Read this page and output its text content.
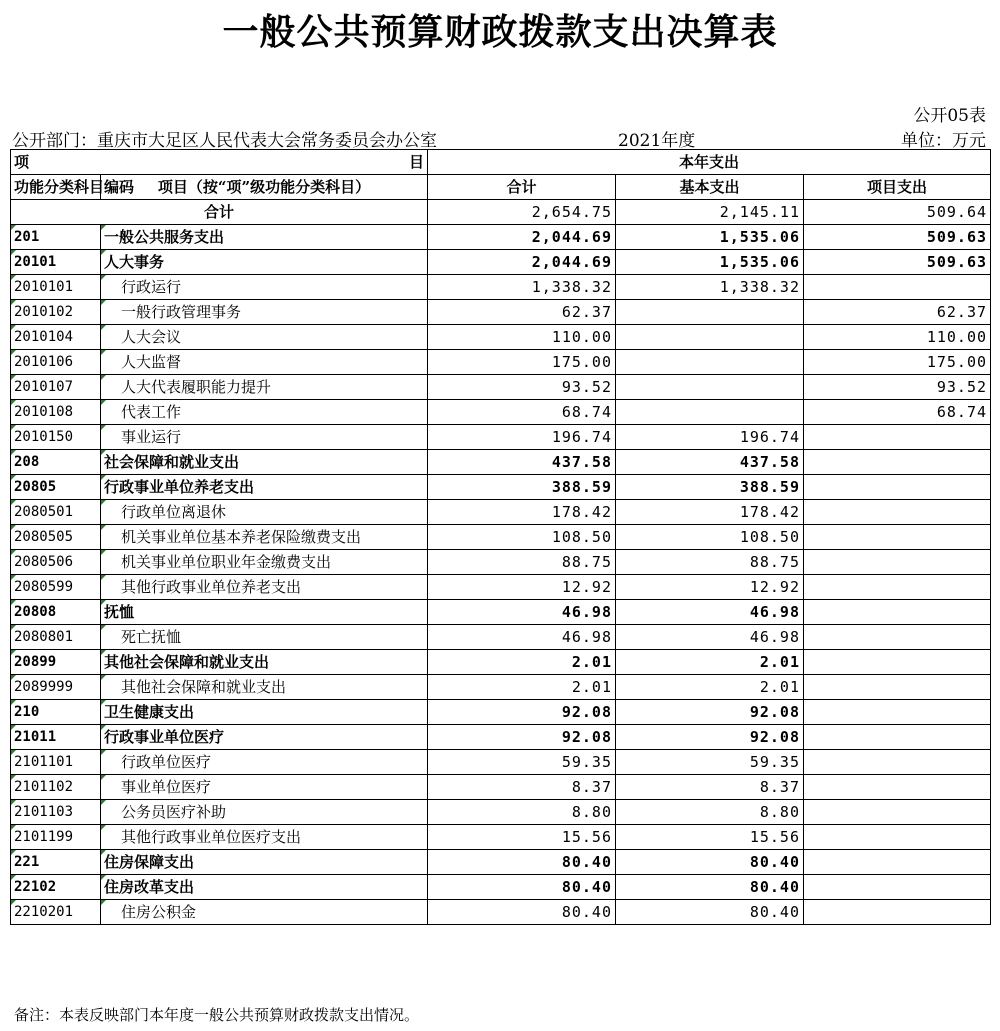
一般公共预算财政拨款支出决算表
公开05表
公开部门：重庆市大足区人民代表大会常务委员会办公室	2021年度	单位：万元
项 目		本年支出		
功能分类科目编码	项目（按“项”级功能分类科目）	合计	基本支出	项目支出
合计		2,654.75	2,145.11	509.64
201	一般公共服务支出	2,044.69	1,535.06	509.63
20101	人大事务	2,044.69	1,535.06	509.63
2010101	行政运行	1,338.32	1,338.32	
2010102	一般行政管理事务	62.37		62.37
2010104	人大会议	110.00		110.00
2010106	人大监督	175.00		175.00
2010107	人大代表履职能力提升	93.52		93.52
2010108	代表工作	68.74		68.74
2010150	事业运行	196.74	196.74	
208	社会保障和就业支出	437.58	437.58	
20805	行政事业单位养老支出	388.59	388.59	
2080501	行政单位离退休	178.42	178.42	
2080505	机关事业单位基本养老保险缴费支出	108.50	108.50	
2080506	机关事业单位职业年金缴费支出	88.75	88.75	
2080599	其他行政事业单位养老支出	12.92	12.92	
20808	抚恤	46.98	46.98	
2080801	死亡抚恤	46.98	46.98	
20899	其他社会保障和就业支出	2.01	2.01	
2089999	其他社会保障和就业支出	2.01	2.01	
210	卫生健康支出	92.08	92.08	
21011	行政事业单位医疗	92.08	92.08	
2101101	行政单位医疗	59.35	59.35	
2101102	事业单位医疗	8.37	8.37	
2101103	公务员医疗补助	8.80	8.80	
2101199	其他行政事业单位医疗支出	15.56	15.56	
221	住房保障支出	80.40	80.40	
22102	住房改革支出	80.40	80.40	
2210201	住房公积金	80.40	80.40	
备注：本表反映部门本年度一般公共预算财政拨款支出情况。
